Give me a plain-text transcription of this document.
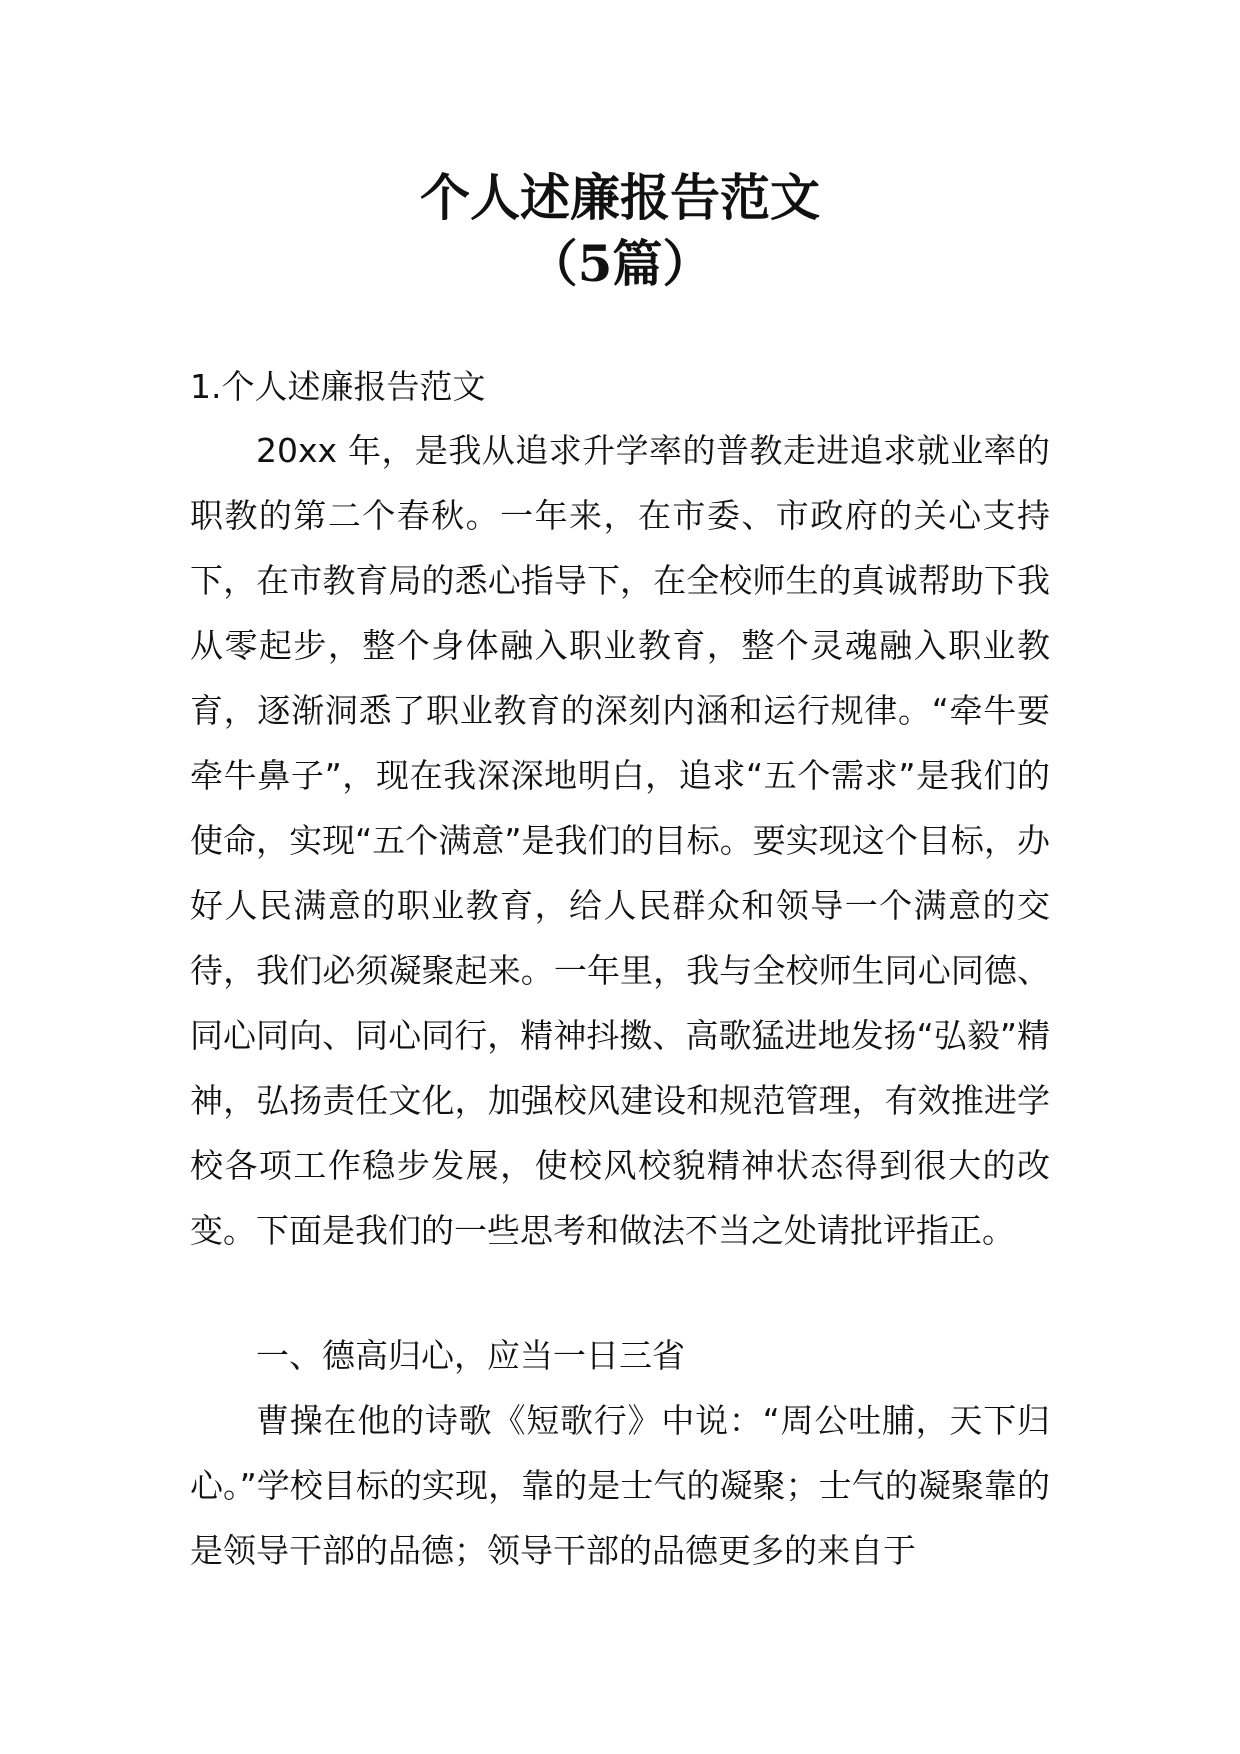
个人述廉报告范文
（5篇）

1.个人述廉报告范文

20xx 年，是我从追求升学率的普教走进追求就业率的职教的第二个春秋。一年来，在市委、市政府的关心支持下，在市教育局的悉心指导下，在全校师生的真诚帮助下我从零起步，整个身体融入职业教育，整个灵魂融入职业教育，逐渐洞悉了职业教育的深刻内涵和运行规律。“牵牛要牵牛鼻子”，现在我深深地明白，追求“五个需求”是我们的使命，实现“五个满意”是我们的目标。要实现这个目标，办好人民满意的职业教育，给人民群众和领导一个满意的交待，我们必须凝聚起来。一年里，我与全校师生同心同德、同心同向、同心同行，精神抖擞、高歌猛进地发扬“弘毅”精神，弘扬责任文化，加强校风建设和规范管理，有效推进学校各项工作稳步发展，使校风校貌精神状态得到很大的改变。下面是我们的一些思考和做法不当之处请批评指正。

一、德高归心，应当一日三省

曹操在他的诗歌《短歌行》中说：“周公吐脯，天下归心。”学校目标的实现，靠的是士气的凝聚；士气的凝聚靠的是领导干部的品德；领导干部的品德更多的来自于
